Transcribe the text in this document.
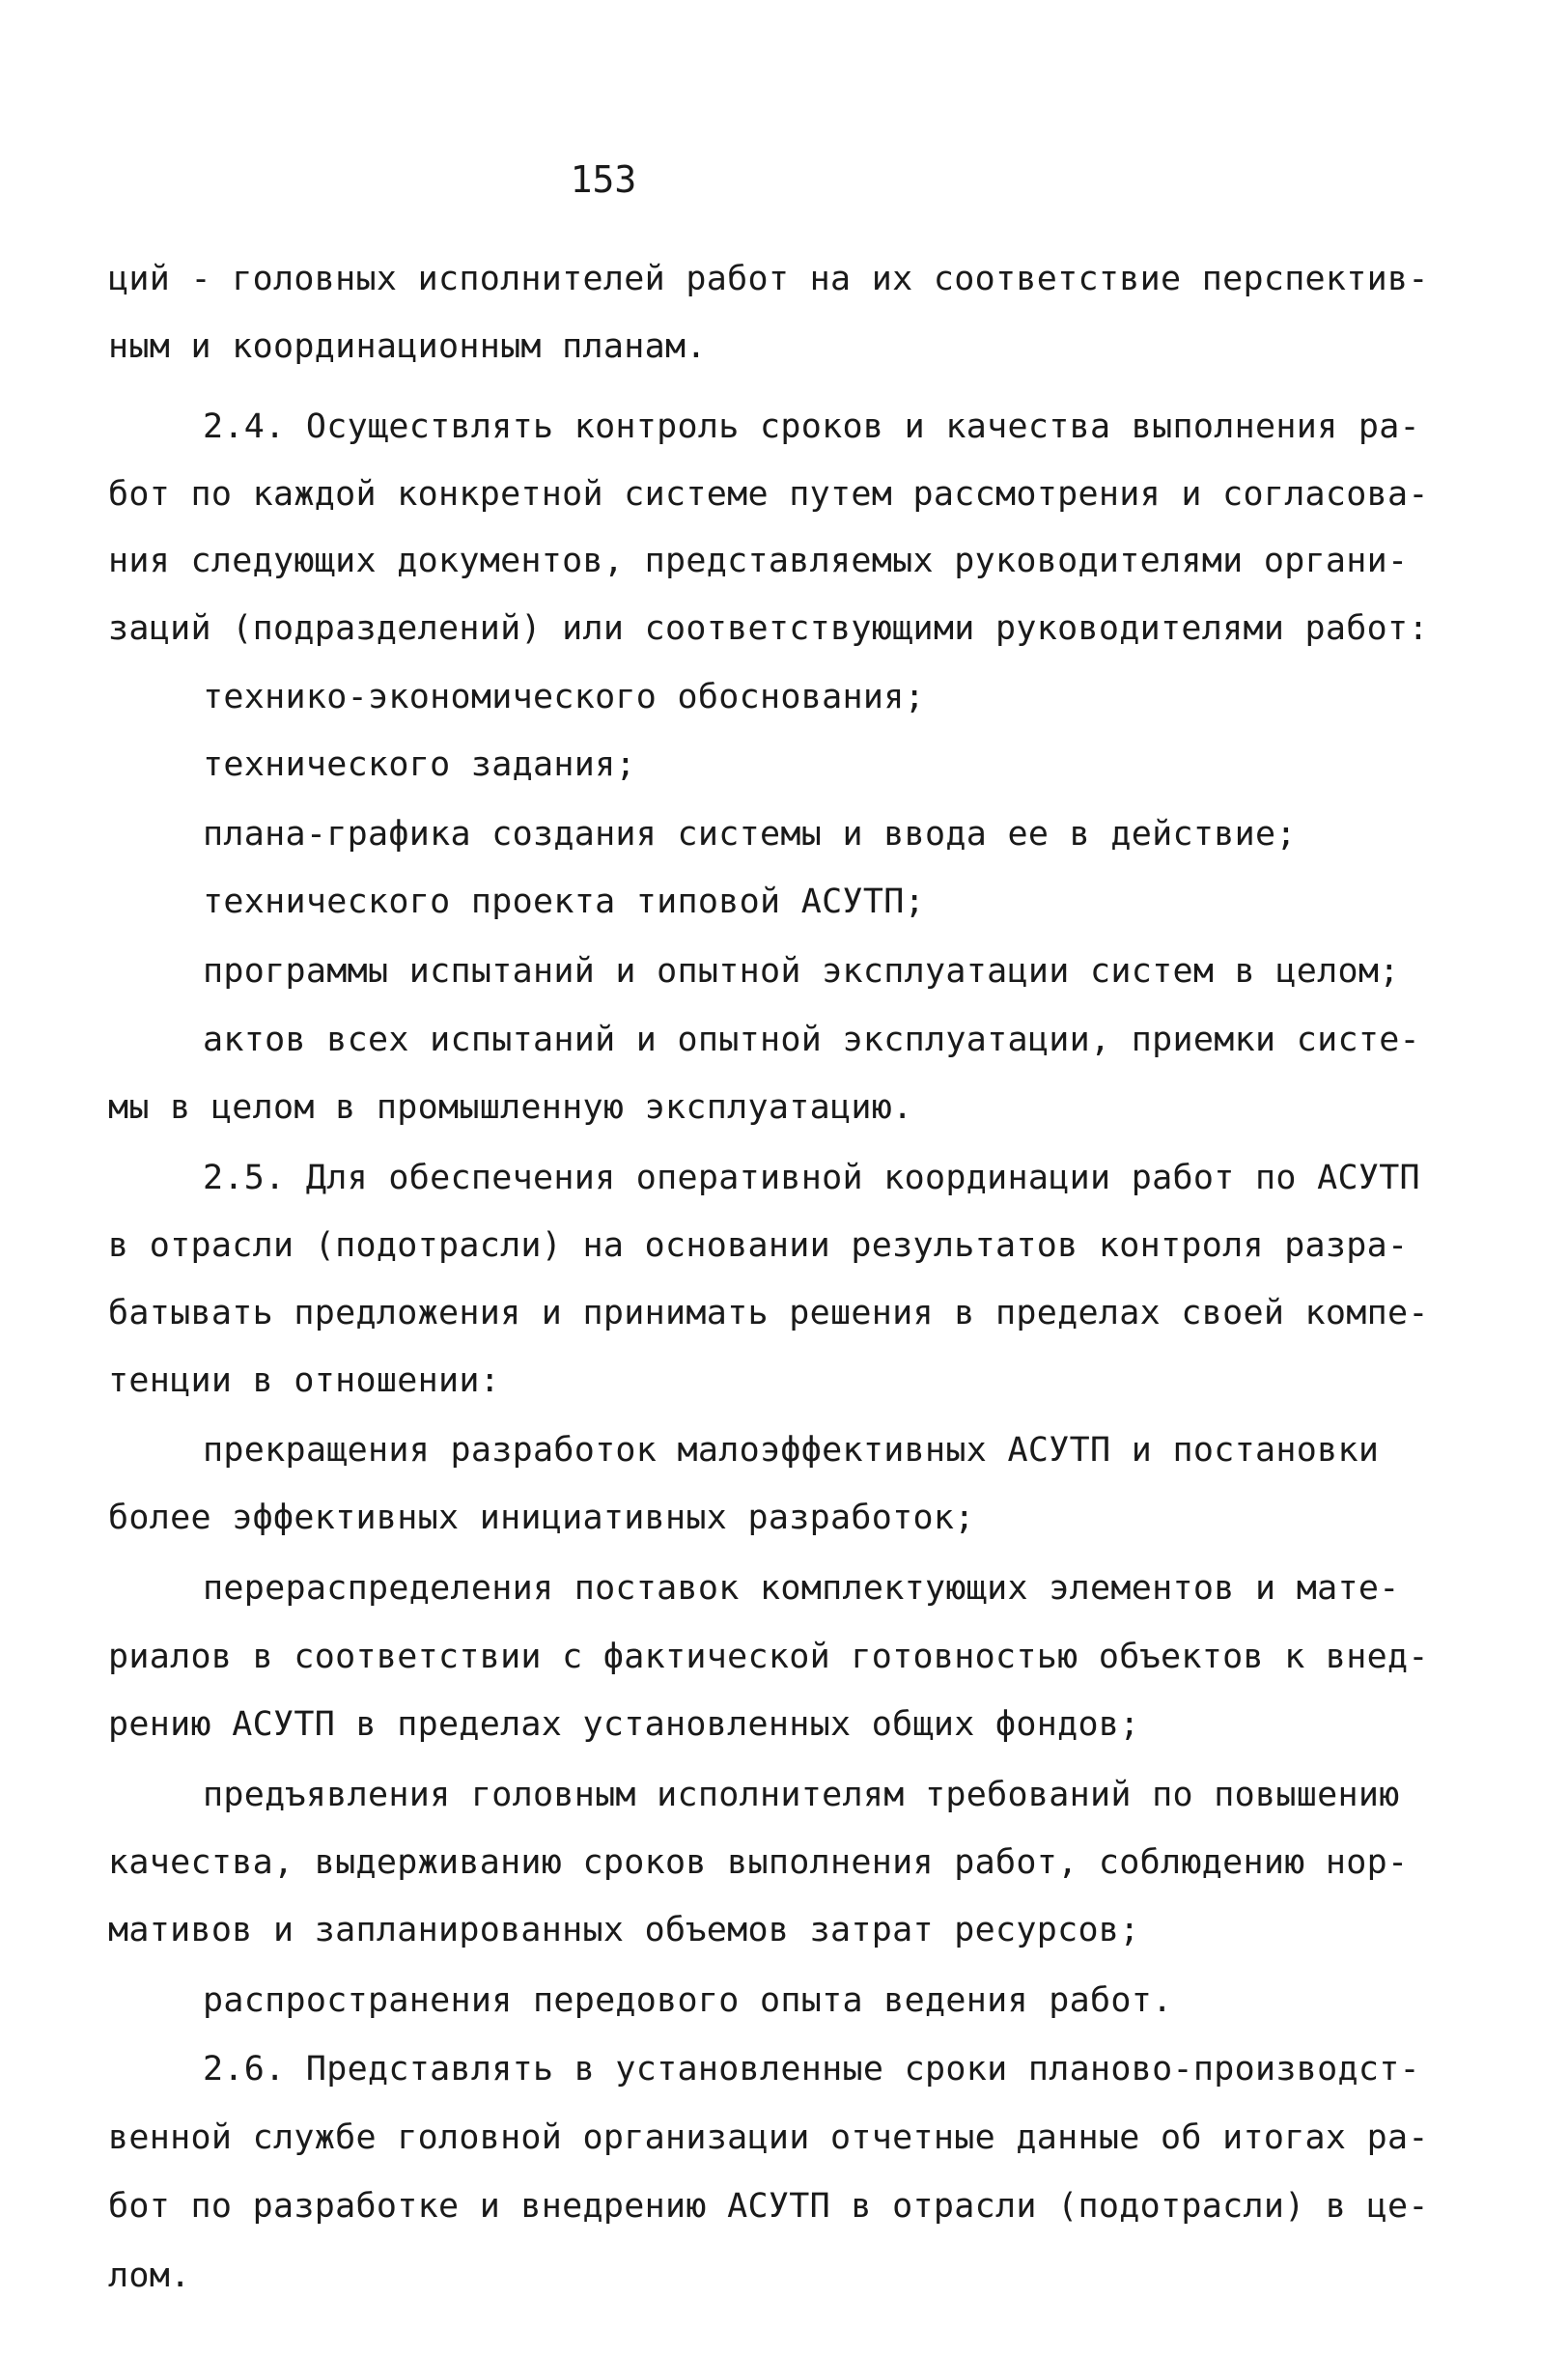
153
ций - головных исполнителей работ на их соответствие перспектив-
ным и координационным планам.
2.4. Осуществлять контроль сроков и качества выполнения ра-
бот по каждой конкретной системе путем рассмотрения и согласова-
ния следующих документов, представляемых руководителями органи-
заций (подразделений) или соответствующими руководителями работ:
технико-экономического обоснования;
технического задания;
плана-графика создания системы и ввода ее в действие;
технического проекта типовой АСУТП;
программы испытаний и опытной эксплуатации систем в целом;
актов всех испытаний и опытной эксплуатации, приемки систе-
мы в целом в промышленную эксплуатацию.
2.5. Для обеспечения оперативной координации работ по АСУТП
в отрасли (подотрасли) на основании результатов контроля разра-
батывать предложения и принимать решения в пределах своей компе-
тенции в отношении:
прекращения разработок малоэффективных АСУТП и постановки
более эффективных инициативных разработок;
перераспределения поставок комплектующих элементов и мате-
риалов в соответствии с фактической готовностью объектов к внед-
рению АСУТП в пределах установленных общих фондов;
предъявления головным исполнителям требований по повышению
качества, выдерживанию сроков выполнения работ, соблюдению нор-
мативов и запланированных объемов затрат ресурсов;
распространения передового опыта ведения работ.
2.6. Представлять в установленные сроки планово-производст-
венной службе головной организации отчетные данные об итогах ра-
бот по разработке и внедрению АСУТП в отрасли (подотрасли) в це-
лом.
